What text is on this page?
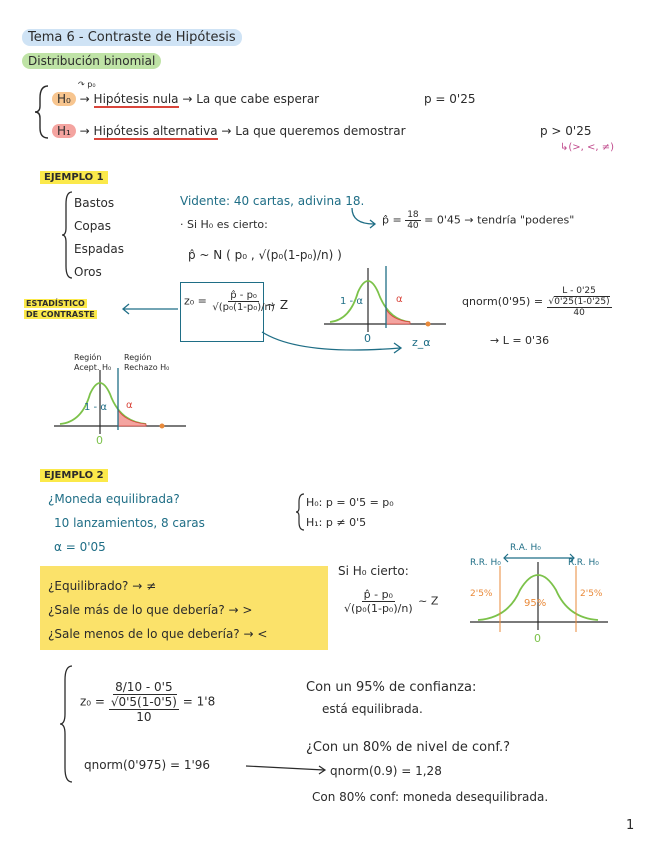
Tema 6 - Contraste de Hipótesis
Distribución binomial
↷ p₀
H₀ → Hipótesis nula → La que cabe esperar	p = 0'25
H₁ → Hipótesis alternativa → La que queremos demostrar	p > 0'25
↳(>, <, ≠)
EJEMPLO 1
Bastos
Copas
Espadas
Oros
Vidente: 40 cartas, adivina 18.
· Si H₀ es cierto:	p̂ = $\frac{18}{40} = 0'45$ → tendría "poderes"
p̂ ~ N ( p₀ , √(p₀(1-p₀)/n) )
ESTADÍSTICO
DE CONTRASTE
$z_0 = \frac{\text{p̂ - p₀}}{\text{√(p₀(1-p₀)/n)}}$
~ Z	1 - α	α
0	z_α
qnorm(0'95) =
L - 0'25
√0'25(1-0'25)
40
→ L = 0'36
Región Acept. H₀
Región Rechazo H₀
1 - α α
0
EJEMPLO 2
¿Moneda equilibrada?
10 lanzamientos, 8 caras
α = 0'05
H₀: p = 0'5 = p₀
H₁: p ≠ 0'5
¿Equilibrado? → ≠
¿Sale más de lo que debería? → >
¿Sale menos de lo que debería? → <
Si H₀ cierto:
$\frac{\text{p̂ - p₀}}{\text{√(p₀(1-p₀)/n)}}$ ~ Z
R.A. H₀
R.R. H₀	R.R. H₀
2'5%
95%
2'5%
0
z₀ =
8/10 - 0'5
√0'5(1-0'5)
10
= 1'8
qnorm(0'975) = 1'96
Con un 95% de confianza:
está equilibrada.
¿Con un 80% de nivel de conf.?
qnorm(0.9) = 1,28
Con 80% conf: moneda desequilibrada.
1
